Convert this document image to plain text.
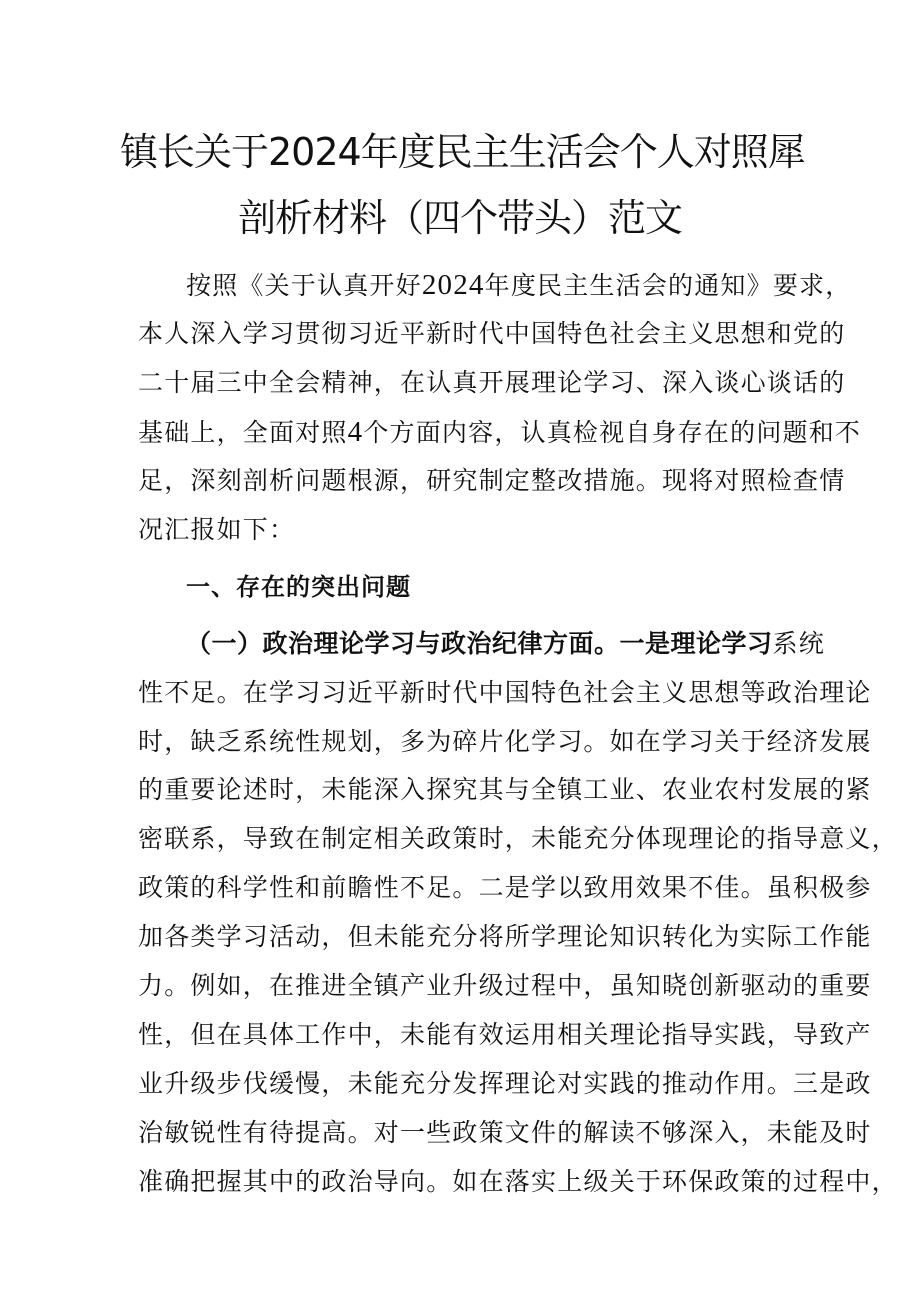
镇长关于2024年度民主生活会个人对照犀
剖析材料（四个带头）范文
按照《关于认真开好2024年度民主生活会的通知》要求，
本人深入学习贯彻习近平新时代中国特色社会主义思想和党的
二十届三中全会精神，在认真开展理论学习、深入谈心谈话的
基础上，全面对照4个方面内容，认真检视自身存在的问题和不
足，深刻剖析问题根源，研究制定整改措施。现将对照检查情
况汇报如下：
一、存在的突出问题
（一）政治理论学习与政治纪律方面。一是理论学习系统
性不足。在学习习近平新时代中国特色社会主义思想等政治理论
时，缺乏系统性规划，多为碎片化学习。如在学习关于经济发展
的重要论述时，未能深入探究其与全镇工业、农业农村发展的紧
密联系，导致在制定相关政策时，未能充分体现理论的指导意义，
政策的科学性和前瞻性不足。二是学以致用效果不佳。虽积极参
加各类学习活动，但未能充分将所学理论知识转化为实际工作能
力。例如，在推进全镇产业升级过程中，虽知晓创新驱动的重要
性，但在具体工作中，未能有效运用相关理论指导实践，导致产
业升级步伐缓慢，未能充分发挥理论对实践的推动作用。三是政
治敏锐性有待提高。对一些政策文件的解读不够深入，未能及时
准确把握其中的政治导向。如在落实上级关于环保政策的过程中，
